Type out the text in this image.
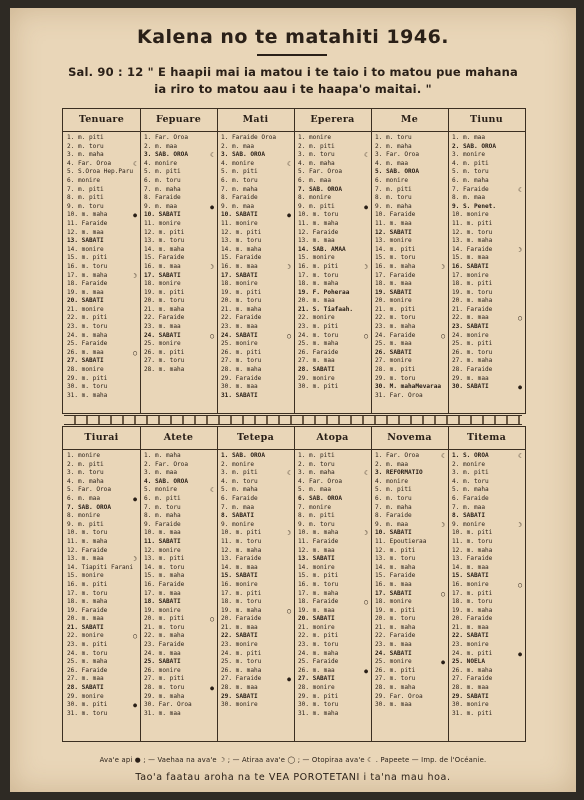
Kalena no te matahiti 1946.
Sal. 90 : 12 " E haapii mai ia matou i te taio i to matou pue mahana
ia riro to matou aau i te haapa'o maitai. "
Tenuare
1. m. piti
2. m. toru
3. m. maha
4. Far. Oroa	☾
5. S.Oroa Hep.Paru
6. monire
7. m. piti
8. m. piti
9. m. toru
10. m. maha	●
11. Faraide
12. m. maa
13. SABATI
14. monire
15. m. piti
16. m. toru
17. m. maha	☽
18. Faraide
19. m. maa
20. SABATI
21. monire
22. m. piti
23. m. toru
24. m. maha
25. Faraide
26. m. maa	◯
27. SABATI
28. monire
29. m. piti
30. m. toru
31. m. maha
Fepuare
1. Far. Oroa
2. m. maa
3. SAB. OROA	☾
4. monire
5. m. piti
6. m. toru
7. m. maha
8. Faraide
9. m. maa	●
10. SABATI
11. monire
12. m. piti
13. m. toru
14. m. maha
15. Faraide
16. m. maa	☽
17. SABATI
18. monire
19. m. piti
20. m. toru
21. m. maha
22. Faraide
23. m. maa
24. SABATI	◯
25. monire
26. m. piti
27. m. toru
28. m. maha
Mati
1. Faraide Oroa
2. m. maa
3. SAB. OROA
4. monire	☾
5. m. piti
6. m. toru
7. m. maha
8. Faraide
9. m. maa
10. SABATI	●
11. monire
12. m. piti
13. m. toru
14. m. maha
15. Faraide
16. m. maa	☽
17. SABATI
18. monire
19. m. piti
20. m. toru
21. m. maha
22. Faraide
23. m. maa
24. SABATI	◯
25. monire
26. m. piti
27. m. toru
28. m. maha
29. Faraide
30. m. maa
31. SABATI
Eperera
1. monire
2. m. piti
3. m. toru	☾
4. m. maha
5. Far. Oroa
6. m. maa
7. SAB. OROA
8. monire
9. m. piti	●
10. m. toru
11. m. maha
12. Faraide
13. m. maa
14. SAB. AMAA
15. monire
16. m. piti	☽
17. m. toru
18. m. maha
19. F. Poheraa
20. m. maa
21. S. Tiafaah.
22. monire
23. m. piti
24. m. toru	◯
25. m. maha
26. Faraide
27. m. maa
28. SABATI
29. monire
30. m. piti
Me
1. m. toru
2. m. maha
3. Far. Oroa
4. m. maa
5. SAB. OROA
6. monire
7. m. piti
8. m. toru
9. m. maha
10. Faraide
11. m. maa
12. SABATI
13. monire
14. m. piti
15. m. toru
16. m. maha	☽
17. Faraide
18. m. maa
19. SABATI
20. monire
21. m. piti
22. m. toru
23. m. maha
24. Faraide	◯
25. m. maa
26. SABATI
27. monire
28. m. piti
29. m. toru
30. M. mahaMevaraa
31. Far. Oroa
Tiunu
1. m. maa
2. SAB. OROA
3. monire
4. m. piti
5. m. toru
6. m. maha
7. Faraide	☾
8. m. maa
9. S. Penet.
10. monire
11. m. piti
12. m. toru
13. m. maha
14. Faraide	☽
15. m. maa
16. SABATI
17. monire
18. m. piti
19. m. toru
20. m. maha
21. Faraide
22. m. maa	◯
23. SABATI
24. monire
25. m. piti
26. m. toru
27. m. maha
28. Faraide
29. m. maa
30. SABATI	●
Tiurai
1. monire
2. m. piti
3. m. toru
4. m. maha
5. Far. Oroa
6. m. maa	●
7. SAB. OROA
8. monire
9. m. piti
10. m. toru
11. m. maha
12. Faraide
13. m. maa	☽
14. Tiapiti Farani
15. monire
16. m. piti
17. m. toru
18. m. maha
19. Faraide
20. m. maa
21. SABATI
22. monire	◯
23. m. piti
24. m. toru
25. m. maha
26. Faraide
27. m. maa
28. SABATI
29. monire
30. m. piti	●
31. m. toru
Atete
1. m. maha
2. Far. Oroa
3. m. maa
4. SAB. OROA
5. monire	☾
6. m. piti
7. m. toru
8. m. maha
9. Faraide
10. m. maa
11. SABATI
12. monire
13. m. piti
14. m. toru
15. m. maha
16. Faraide
17. m. maa
18. SABATI
19. monire
20. m. piti	◯
21. m. toru
22. m. maha
23. Faraide
24. m. maa
25. SABATI
26. monire
27. m. piti
28. m. toru	●
29. m. maha
30. Far. Oroa
31. m. maa
Tetepa
1. SAB. OROA
2. monire
3. m. piti	☾
4. m. toru
5. m. maha
6. Faraide
7. m. maa
8. SABATI
9. monire
10. m. piti	☽
11. m. toru
12. m. maha
13. Faraide
14. m. maa
15. SABATI
16. monire
17. m. piti
18. m. toru
19. m. maha	◯
20. Faraide
21. m. maa
22. SABATI
23. monire
24. m. piti
25. m. toru
26. m. maha
27. Faraide	●
28. m. maa
29. SABATI
30. monire
Atopa
1. m. piti
2. m. toru
3. m. maha	☾
4. Far. Oroa
5. m. maa
6. SAB. OROA
7. monire
8. m. piti
9. m. toru
10. m. maha	☽
11. Faraide
12. m. maa
13. SABATI
14. monire
15. m. piti
16. m. toru
17. m. maha
18. Faraide	◯
19. m. maa
20. SABATI
21. monire
22. m. piti
23. m. toru
24. m. maha
25. Faraide
26. m. maa	●
27. SABATI
28. monire
29. m. piti
30. m. toru
31. m. maha
Novema
1. Far. Oroa	☾
2. m. maa
3. REFORMATIO
4. monire
5. m. piti
6. m. toru
7. m. maha
8. Faraide
9. m. maa	☽
10. SABATI
11. Epoutieraa
12. m. piti
13. m. toru
14. m. maha
15. Faraide
16. m. maa
17. SABATI	◯
18. monire
19. m. piti
20. m. toru
21. m. maha
22. Faraide
23. m. maa
24. SABATI
25. monire	●
26. m. piti
27. m. toru
28. m. maha
29. Far. Oroa
30. m. maa
Titema
1. S. OROA	☾
2. monire
3. m. piti
4. m. toru
5. m. maha
6. Faraide
7. m. maa
8. SABATI
9. monire	☽
10. m. piti
11. m. toru
12. m. maha
13. Faraide
14. m. maa
15. SABATI
16. monire	◯
17. m. piti
18. m. toru
19. m. maha
20. Faraide
21. m. maa
22. SABATI
23. monire
24. m. piti	●
25. NOELA
26. m. maha
27. Faraide
28. m. maa
29. SABATI
30. monire
31. m. piti
Ava'e api ● ; — Vaehaa na ava'e ☽ ; — Atiraa ava'e ◯ ; — Otopiraa ava'e ☾ . Papeete — Imp. de l'Océanie.
Tao'a faatau aroha na te VEA POROTETANI i ta'na mau hoa.
